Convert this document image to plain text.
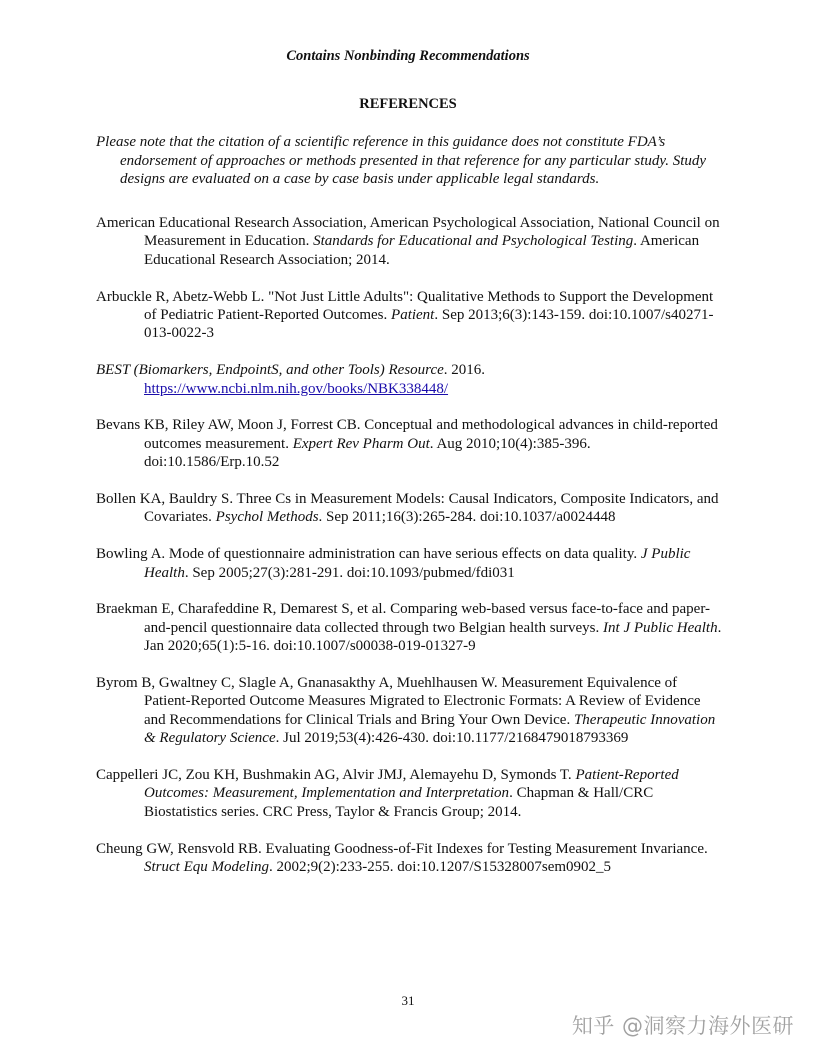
Contains Nonbinding Recommendations
REFERENCES
Please note that the citation of a scientific reference in this guidance does not constitute FDA’s endorsement of approaches or methods presented in that reference for any particular study. Study designs are evaluated on a case by case basis under applicable legal standards.
American Educational Research Association, American Psychological Association, National Council on Measurement in Education. Standards for Educational and Psychological Testing. American Educational Research Association; 2014.
Arbuckle R, Abetz-Webb L. "Not Just Little Adults": Qualitative Methods to Support the Development of Pediatric Patient-Reported Outcomes. Patient. Sep 2013;6(3):143-159. doi:10.1007/s40271-013-0022-3
BEST (Biomarkers, EndpointS, and other Tools) Resource. 2016. https://www.ncbi.nlm.nih.gov/books/NBK338448/
Bevans KB, Riley AW, Moon J, Forrest CB. Conceptual and methodological advances in child-reported outcomes measurement. Expert Rev Pharm Out. Aug 2010;10(4):385-396. doi:10.1586/Erp.10.52
Bollen KA, Bauldry S. Three Cs in Measurement Models: Causal Indicators, Composite Indicators, and Covariates. Psychol Methods. Sep 2011;16(3):265-284. doi:10.1037/a0024448
Bowling A. Mode of questionnaire administration can have serious effects on data quality. J Public Health. Sep 2005;27(3):281-291. doi:10.1093/pubmed/fdi031
Braekman E, Charafeddine R, Demarest S, et al. Comparing web-based versus face-to-face and paper-and-pencil questionnaire data collected through two Belgian health surveys. Int J Public Health. Jan 2020;65(1):5-16. doi:10.1007/s00038-019-01327-9
Byrom B, Gwaltney C, Slagle A, Gnanasakthy A, Muehlhausen W. Measurement Equivalence of Patient-Reported Outcome Measures Migrated to Electronic Formats: A Review of Evidence and Recommendations for Clinical Trials and Bring Your Own Device. Therapeutic Innovation & Regulatory Science. Jul 2019;53(4):426-430. doi:10.1177/2168479018793369
Cappelleri JC, Zou KH, Bushmakin AG, Alvir JMJ, Alemayehu D, Symonds T. Patient-Reported Outcomes: Measurement, Implementation and Interpretation. Chapman & Hall/CRC Biostatistics series. CRC Press, Taylor & Francis Group; 2014.
Cheung GW, Rensvold RB. Evaluating Goodness-of-Fit Indexes for Testing Measurement Invariance. Struct Equ Modeling. 2002;9(2):233-255. doi:10.1207/S15328007sem0902_5
31
知乎 @洞察力海外医研
